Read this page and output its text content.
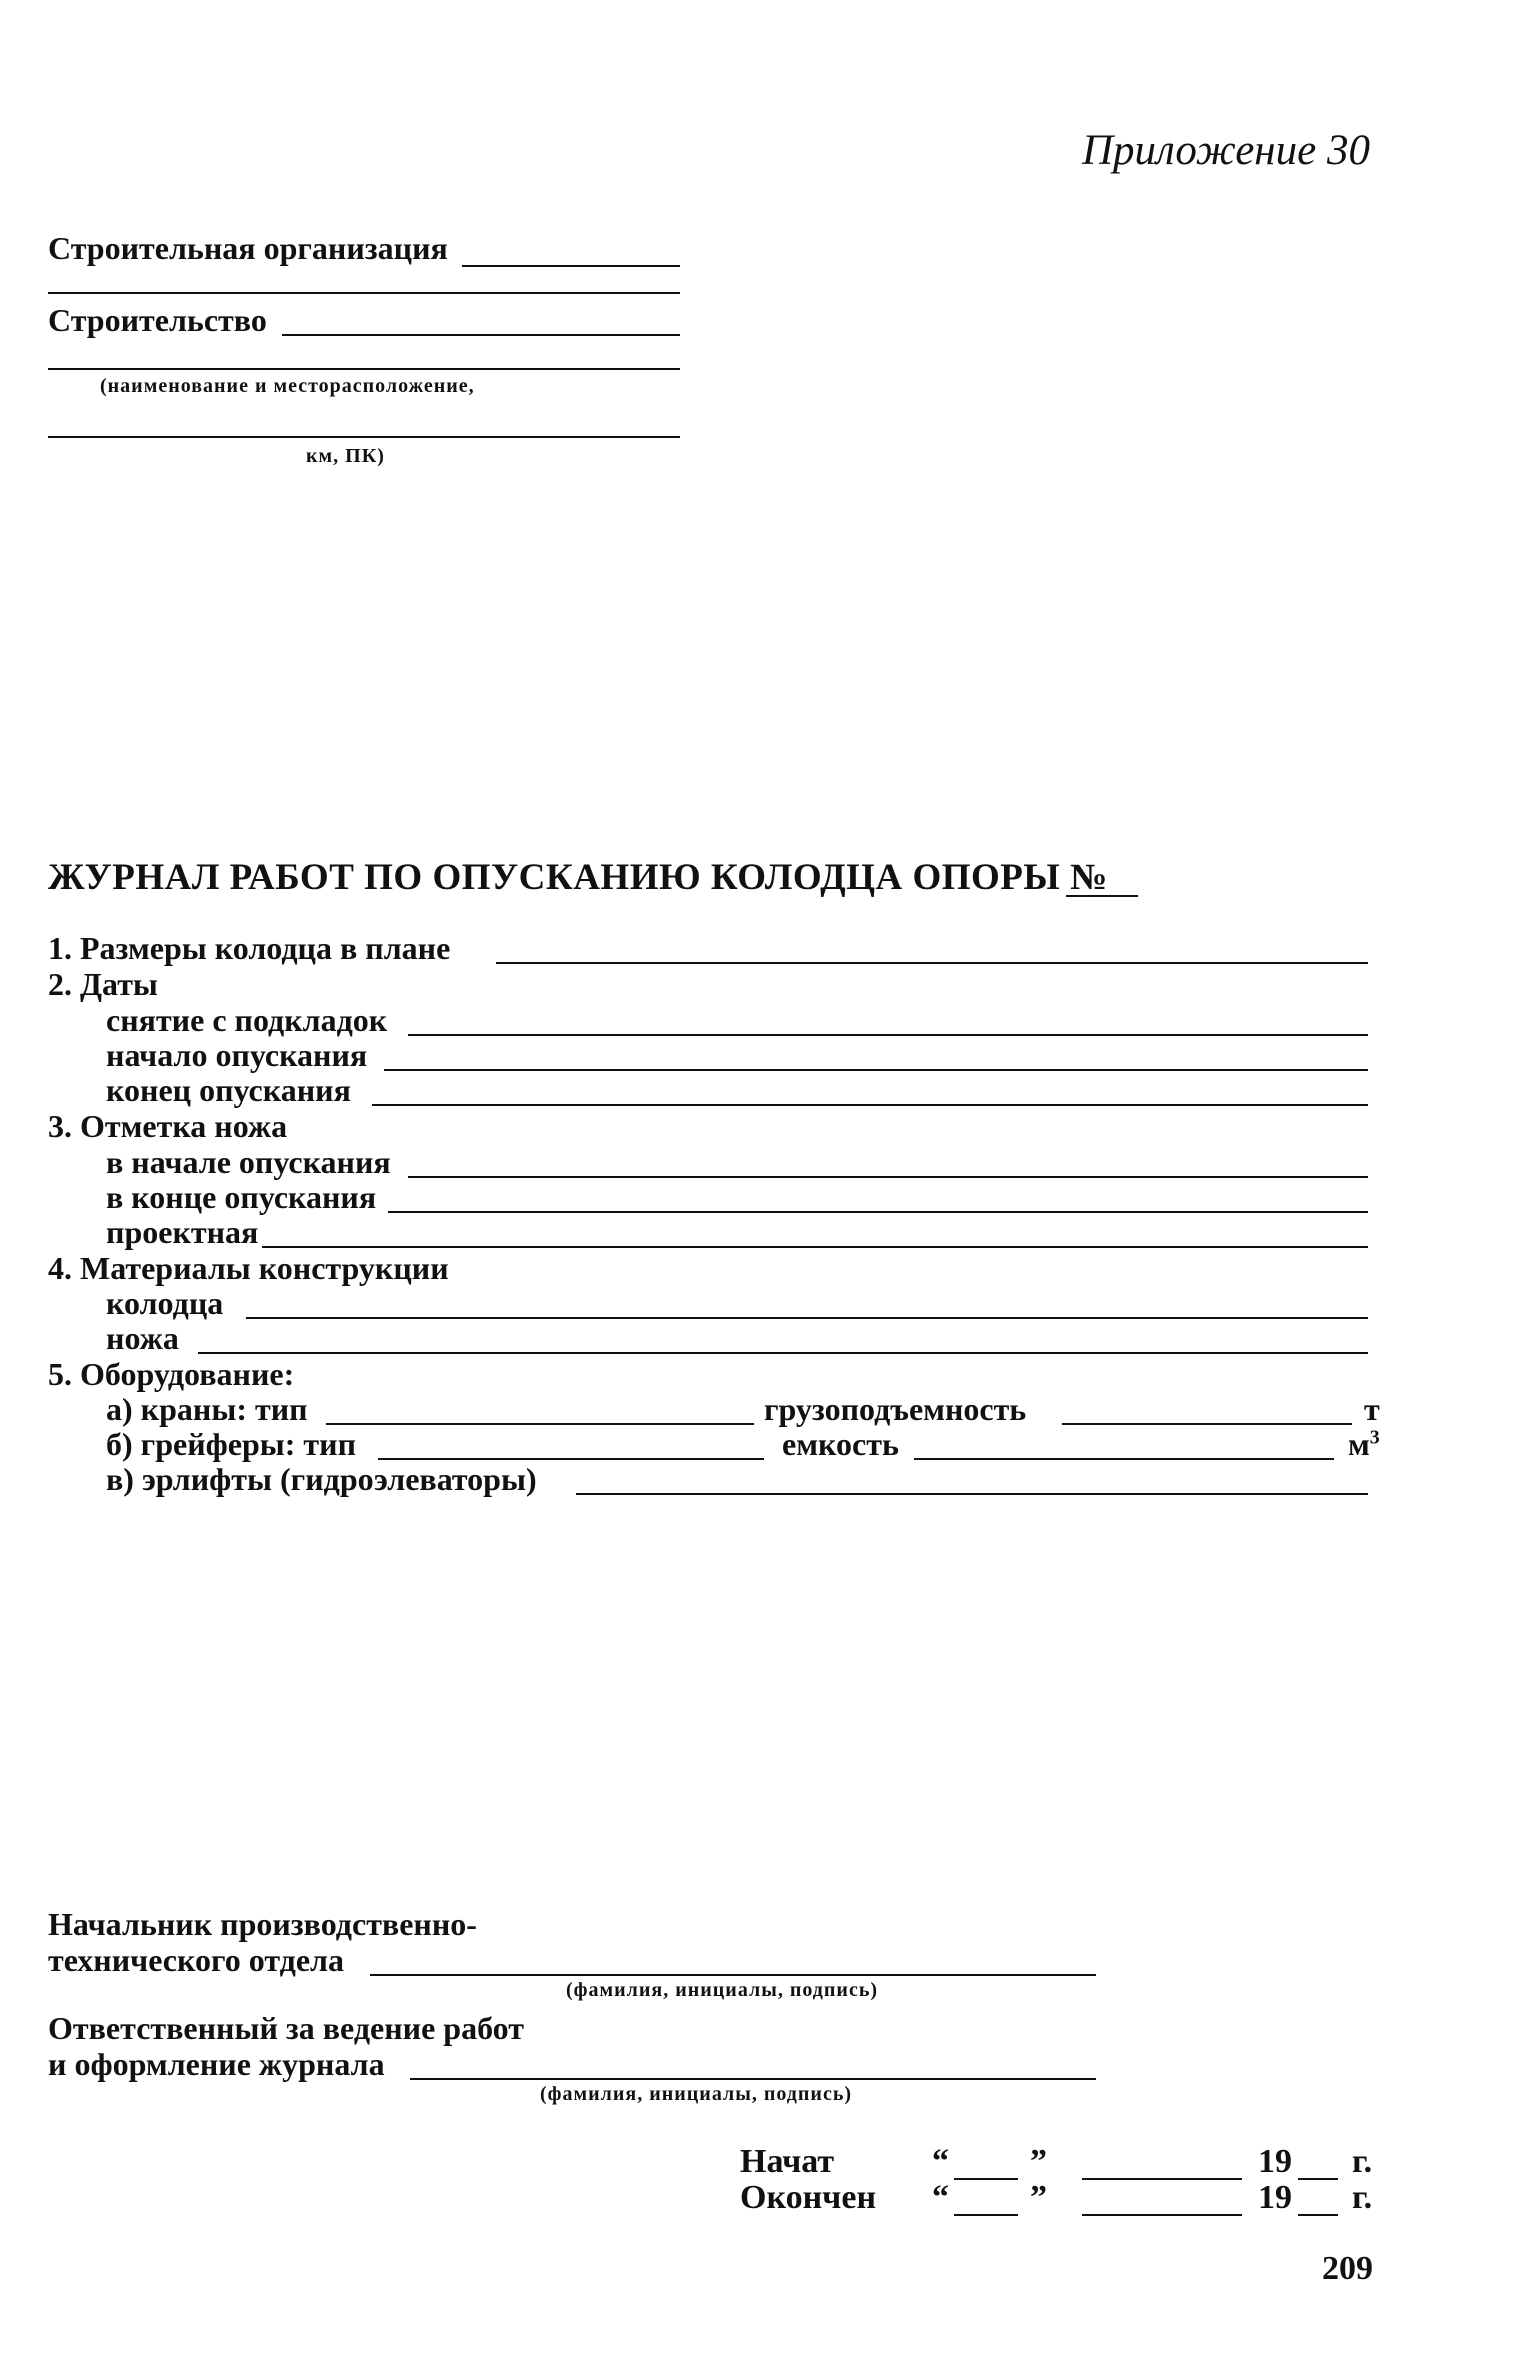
Приложение 30
Строительная организация
Строительство
(наименование и месторасположение,
км, ПК)
ЖУРНАЛ РАБОТ ПО ОПУСКАНИЮ КОЛОДЦА ОПОРЫ №
1. Размеры колодца в плане
2. Даты
снятие с подкладок
начало опускания
конец опускания
3. Отметка ножа
в начале опускания
в конце опускания
проектная
4. Материалы конструкции
колодца
ножа
5. Оборудование:
а) краны: тип	грузоподъемность	т
б) грейферы: тип	емкость	$м^3$
в) эрлифты (гидроэлеваторы)
Начальник производственно-
технического отдела
(фамилия, инициалы, подпись)
Ответственный за ведение работ
и оформление журнала
(фамилия, инициалы, подпись)
Начат	“ ”	19 г.
Окончен “ ”	19 г.
209
